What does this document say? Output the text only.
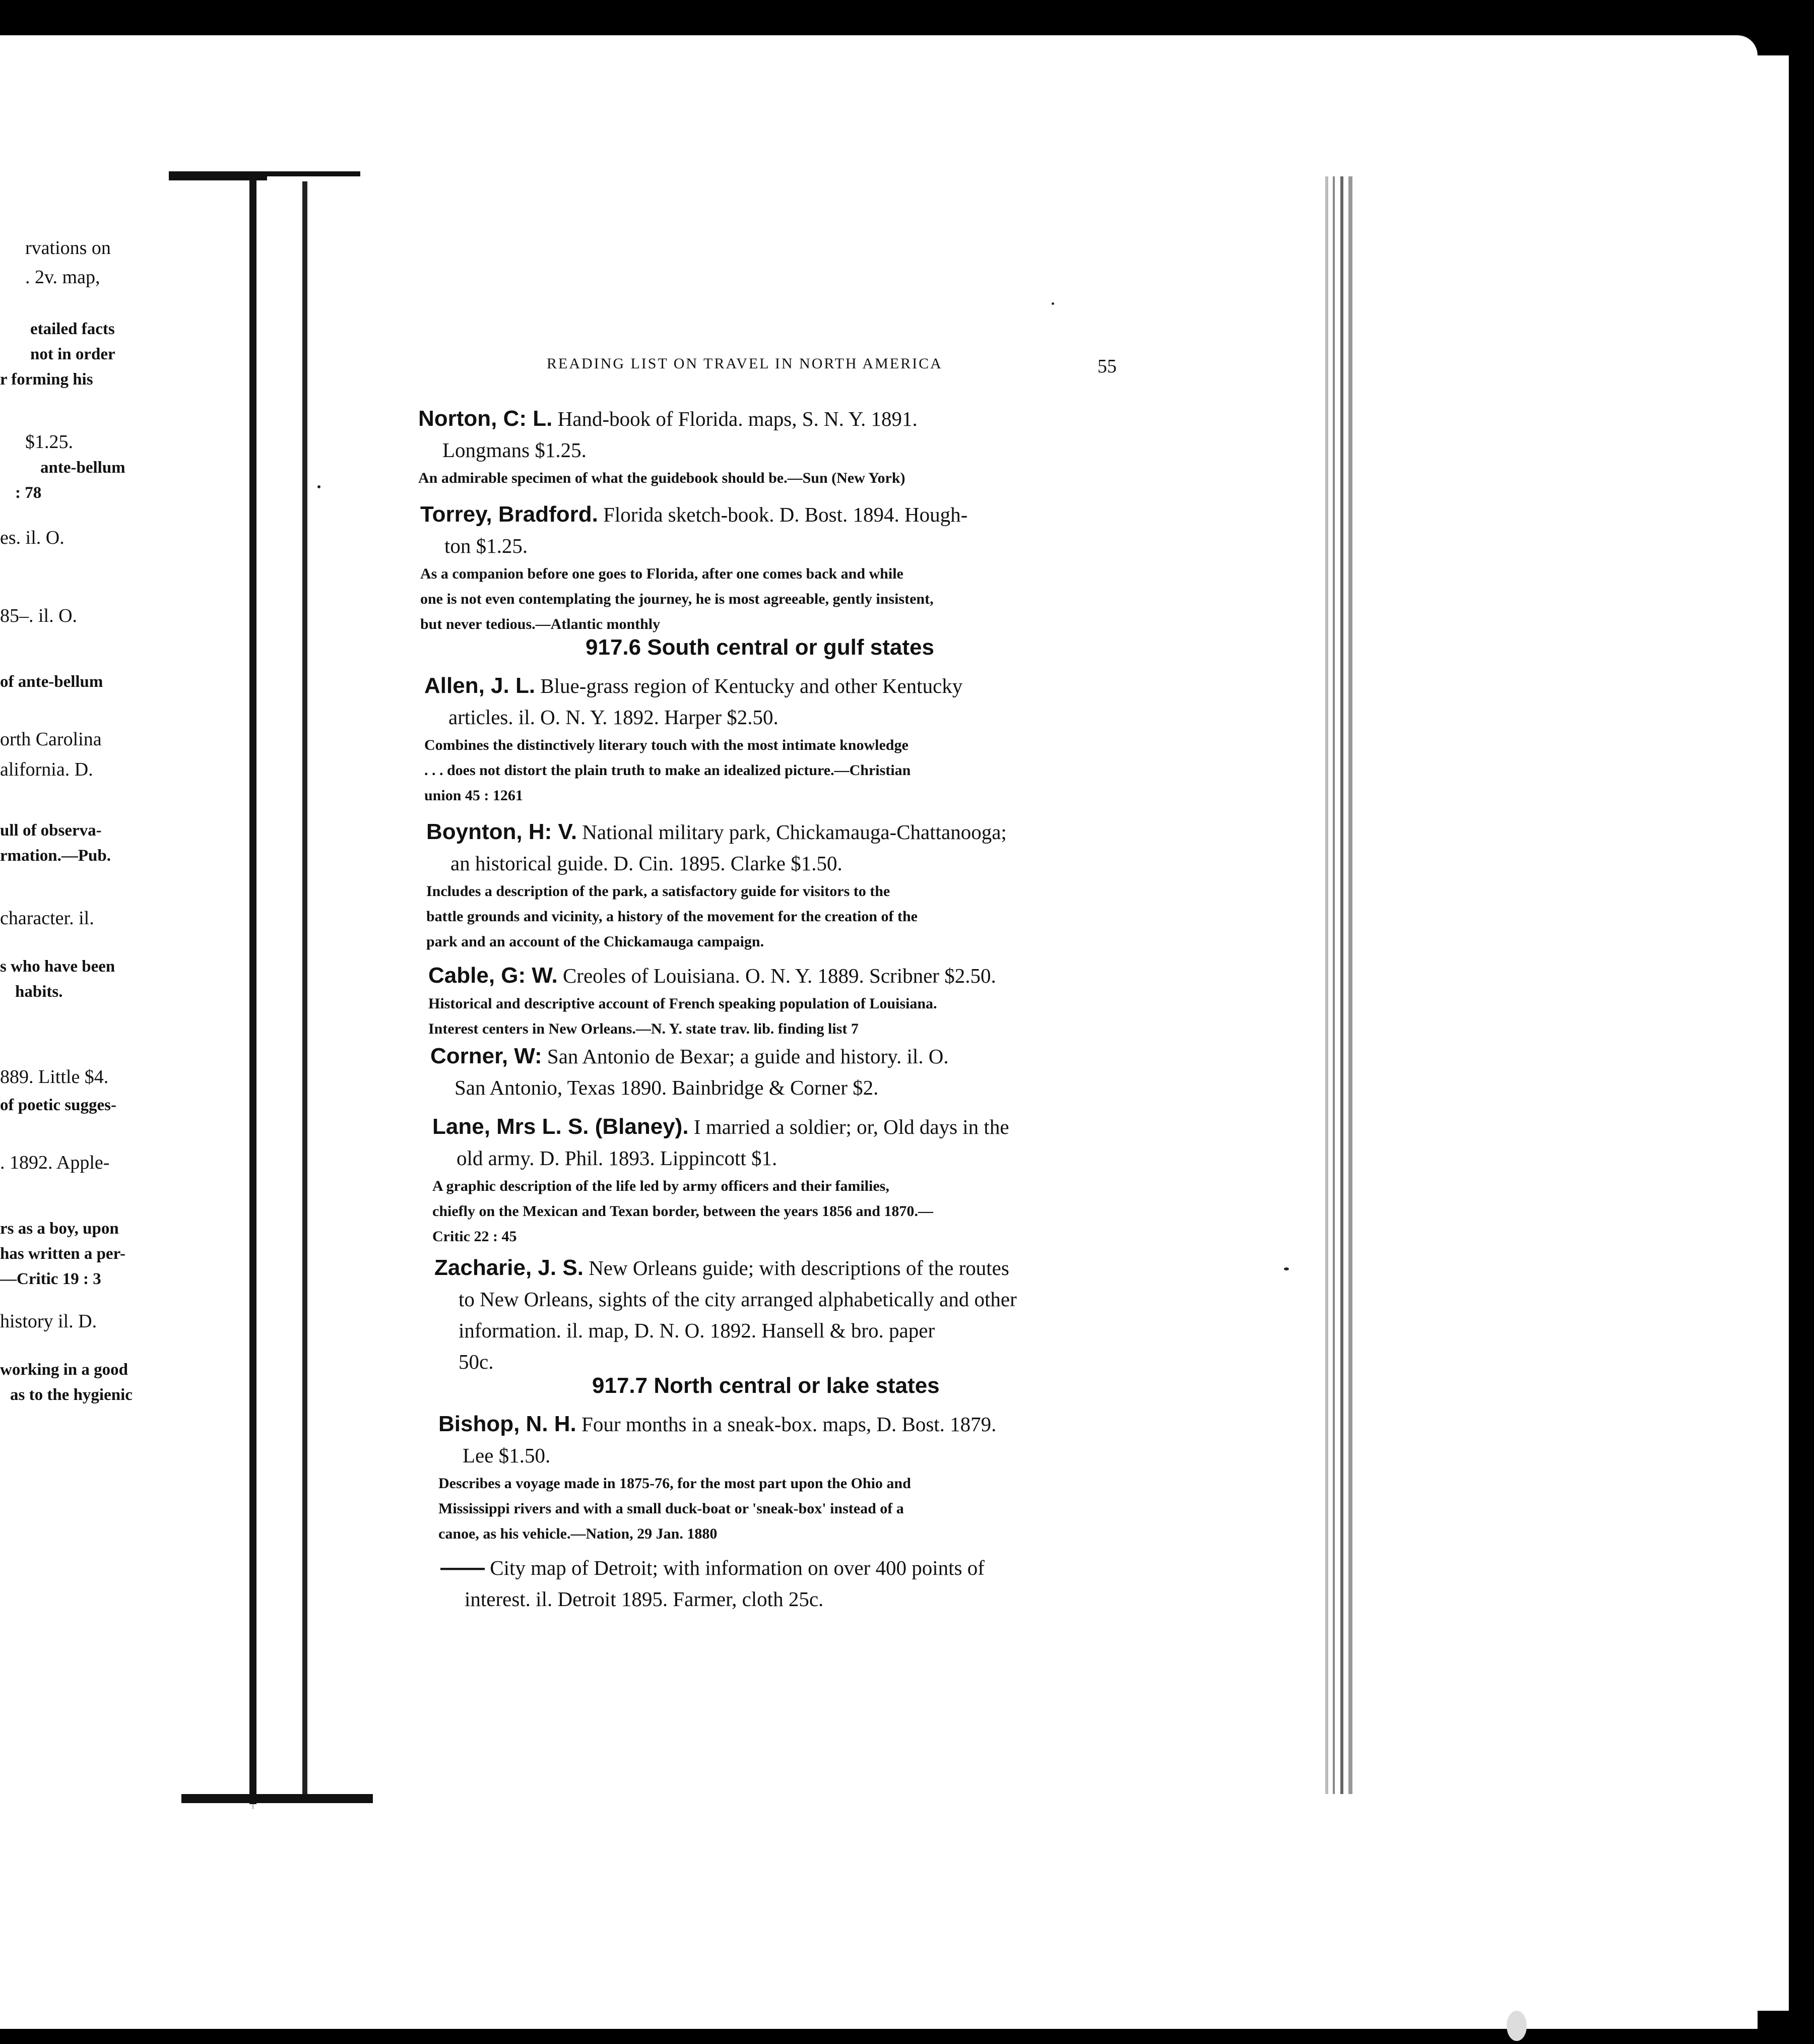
rvations on
. 2v. map,
etailed facts
not in order
r forming his
$1.25.
ante-bellum
: 78
es. il. O.
85–. il. O.
of ante-bellum
orth Carolina
alifornia. D.
ull of observa-
rmation.—Pub.
character. il.
s who have been
habits.
889. Little $4.
of poetic sugges-
. 1892. Apple-
rs as a boy, upon
has written a per-
—Critic 19 : 3
history il. D.
working in a good
as to the hygienic
READING LIST ON TRAVEL IN NORTH AMERICA	55
Norton, C: L. Hand-book of Florida. maps, S. N. Y. 1891.
Longmans $1.25.
An admirable specimen of what the guidebook should be.—Sun (New York)
Torrey, Bradford. Florida sketch-book. D. Bost. 1894. Hough-
ton $1.25.
As a companion before one goes to Florida, after one comes back and while
one is not even contemplating the journey, he is most agreeable, gently insistent,
but never tedious.—Atlantic monthly
917.6 South central or gulf states
Allen, J. L. Blue-grass region of Kentucky and other Kentucky
articles. il. O. N. Y. 1892. Harper $2.50.
Combines the distinctively literary touch with the most intimate knowledge
. . . does not distort the plain truth to make an idealized picture.—Christian
union 45 : 1261
Boynton, H: V. National military park, Chickamauga-Chattanooga;
an historical guide. D. Cin. 1895. Clarke $1.50.
Includes a description of the park, a satisfactory guide for visitors to the
battle grounds and vicinity, a history of the movement for the creation of the
park and an account of the Chickamauga campaign.
Cable, G: W. Creoles of Louisiana. O. N. Y. 1889. Scribner $2.50.
Historical and descriptive account of French speaking population of Louisiana.
Interest centers in New Orleans.—N. Y. state trav. lib. finding list 7
Corner, W: San Antonio de Bexar; a guide and history. il. O.
San Antonio, Texas 1890. Bainbridge & Corner $2.
Lane, Mrs L. S. (Blaney). I married a soldier; or, Old days in the
old army. D. Phil. 1893. Lippincott $1.
A graphic description of the life led by army officers and their families,
chiefly on the Mexican and Texan border, between the years 1856 and 1870.—
Critic 22 : 45
Zacharie, J. S. New Orleans guide; with descriptions of the routes
to New Orleans, sights of the city arranged alphabetically and other
information. il. map, D. N. O. 1892. Hansell & bro. paper
50c.
917.7 North central or lake states
Bishop, N. H. Four months in a sneak-box. maps, D. Bost. 1879.
Lee $1.50.
Describes a voyage made in 1875-76, for the most part upon the Ohio and
Mississippi rivers and with a small duck-boat or 'sneak-box' instead of a
canoe, as his vehicle.—Nation, 29 Jan. 1880
—— City map of Detroit; with information on over 400 points of
interest. il. Detroit 1895. Farmer, cloth 25c.
